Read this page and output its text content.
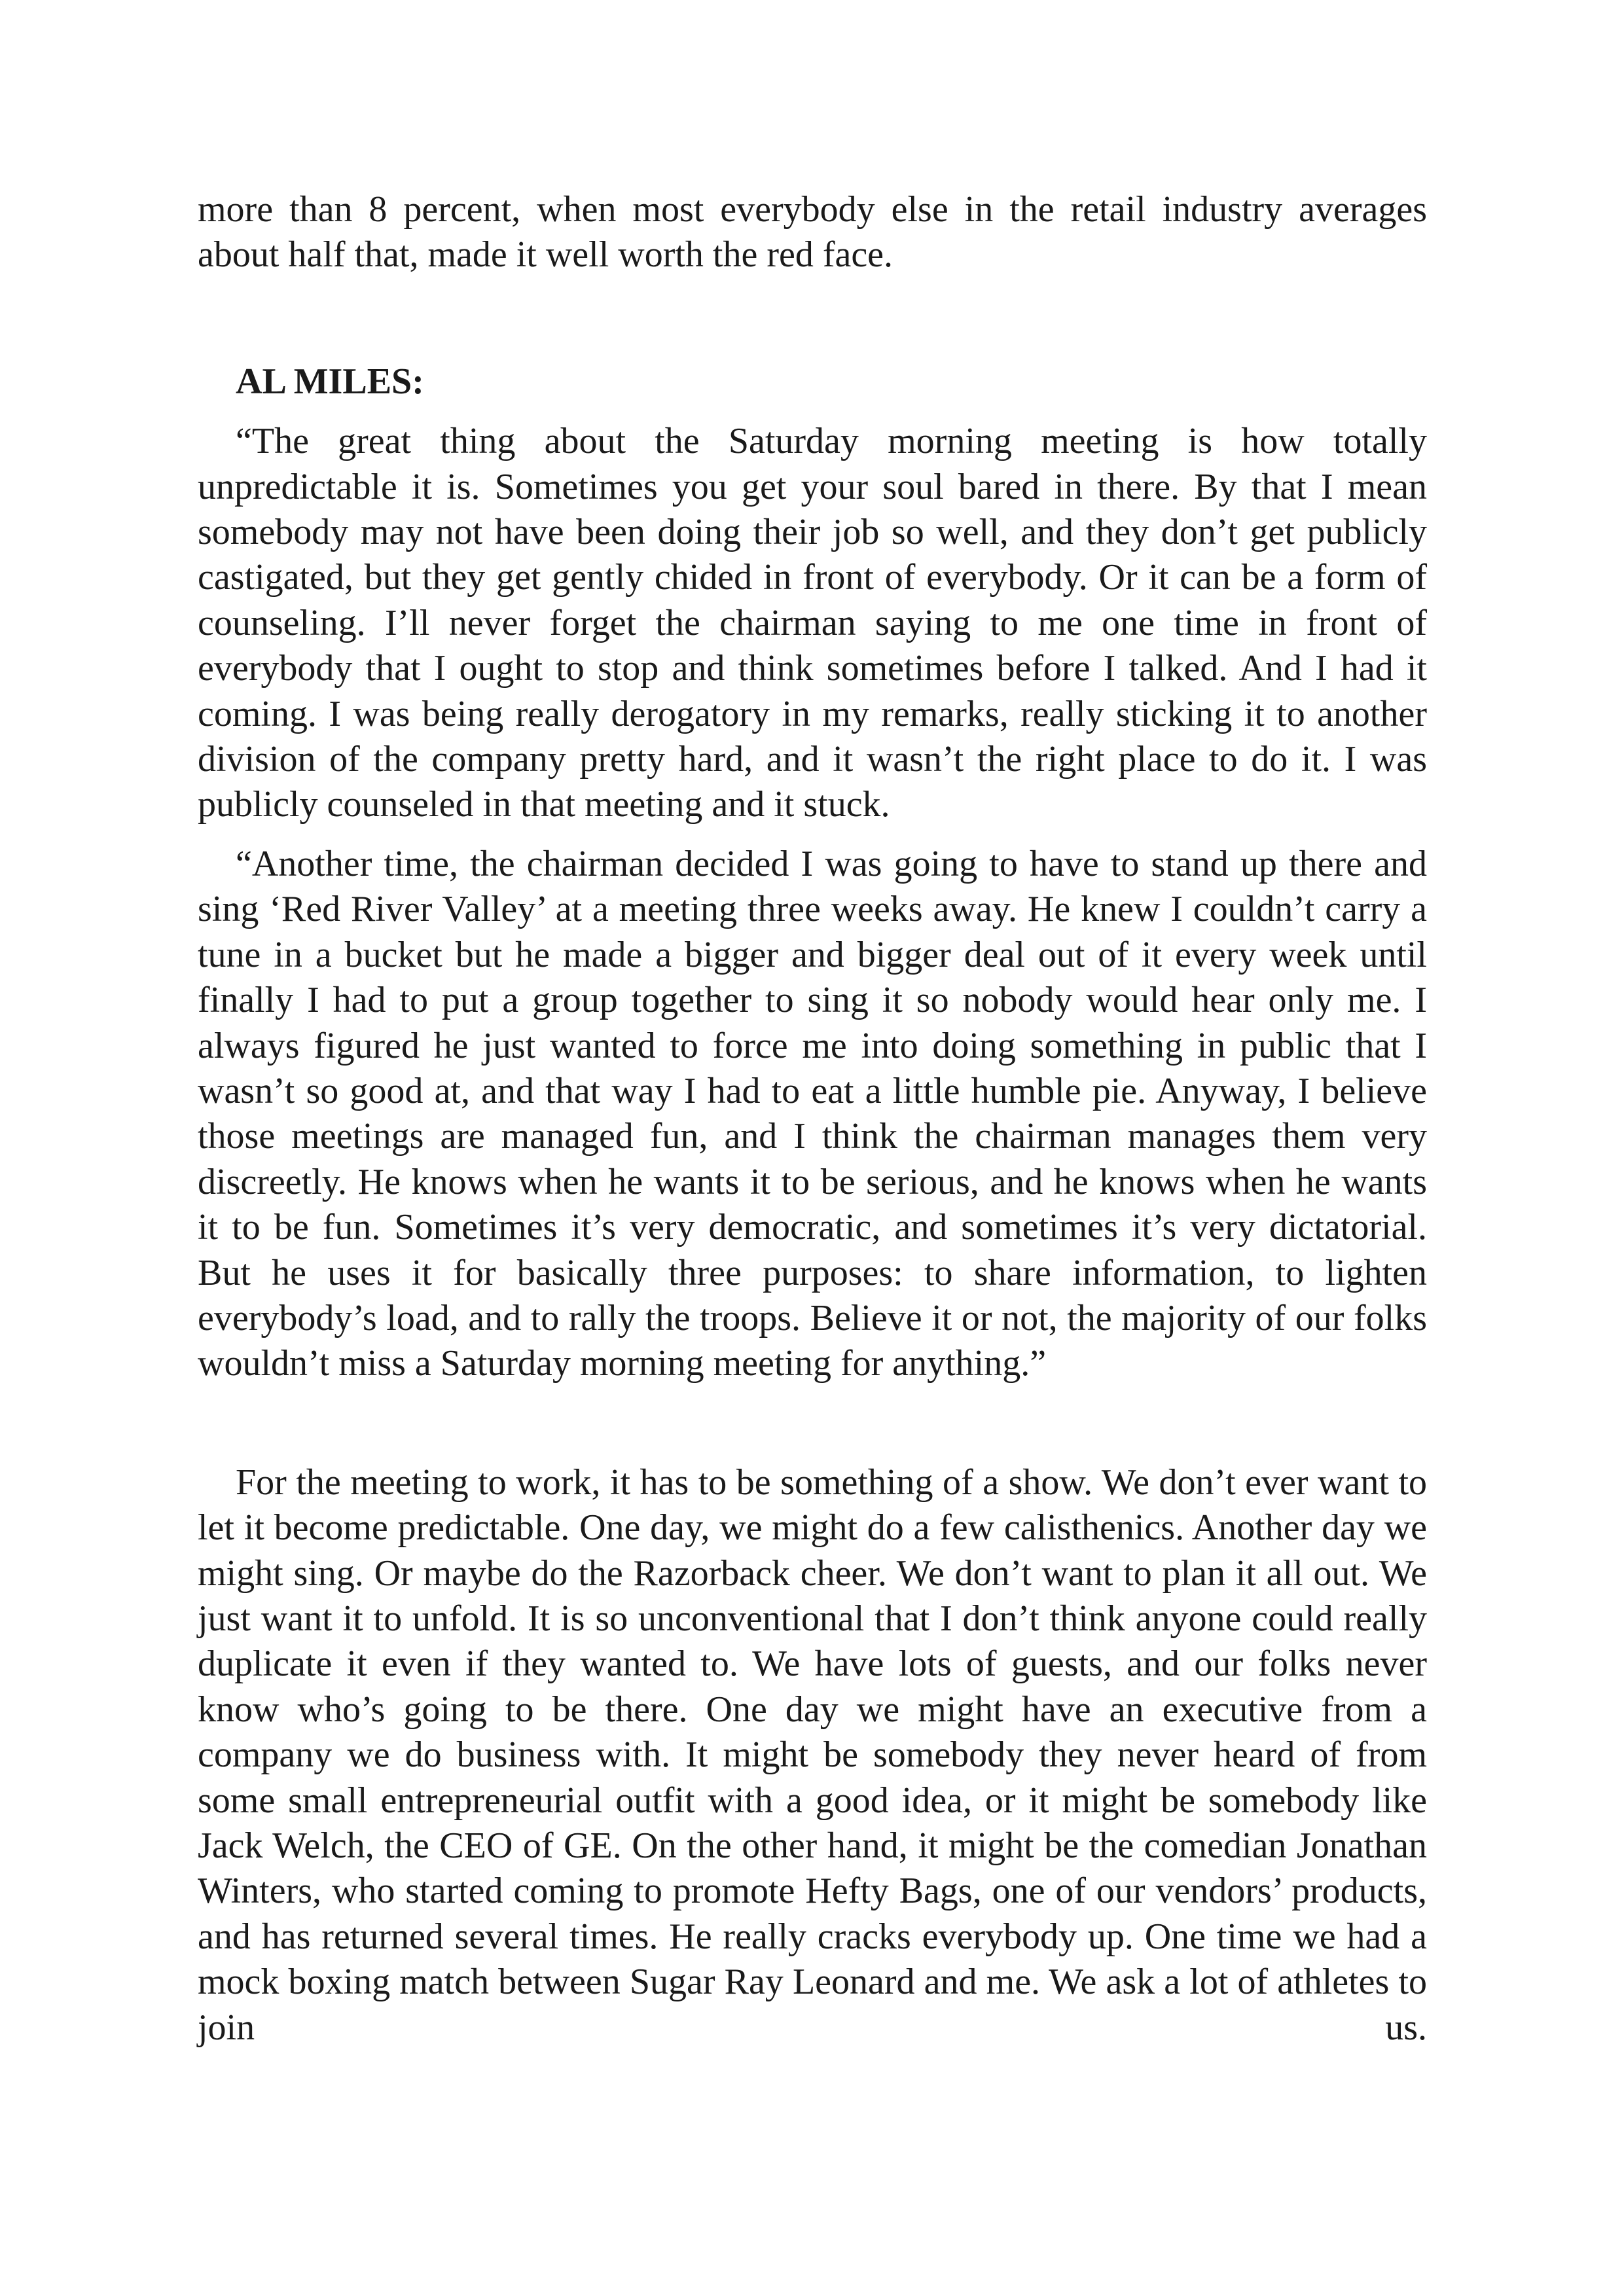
more than 8 percent, when most everybody else in the retail industry averages about half that, made it well worth the red face.

AL MILES:

“The great thing about the Saturday morning meeting is how totally unpredictable it is. Sometimes you get your soul bared in there. By that I mean somebody may not have been doing their job so well, and they don’t get publicly castigated, but they get gently chided in front of everybody. Or it can be a form of counseling. I’ll never forget the chairman saying to me one time in front of everybody that I ought to stop and think sometimes before I talked. And I had it coming. I was being really derogatory in my remarks, really sticking it to another division of the company pretty hard, and it wasn’t the right place to do it. I was publicly counseled in that meeting and it stuck.

“Another time, the chairman decided I was going to have to stand up there and sing ‘Red River Valley’ at a meeting three weeks away. He knew I couldn’t carry a tune in a bucket but he made a bigger and bigger deal out of it every week until finally I had to put a group together to sing it so nobody would hear only me. I always figured he just wanted to force me into doing something in public that I wasn’t so good at, and that way I had to eat a little humble pie. Anyway, I believe those meetings are managed fun, and I think the chairman manages them very discreetly. He knows when he wants it to be serious, and he knows when he wants it to be fun. Sometimes it’s very democratic, and sometimes it’s very dictatorial. But he uses it for basically three purposes: to share information, to lighten everybody’s load, and to rally the troops. Believe it or not, the majority of our folks wouldn’t miss a Saturday morning meeting for anything.”

For the meeting to work, it has to be something of a show. We don’t ever want to let it become predictable. One day, we might do a few calisthenics. Another day we might sing. Or maybe do the Razorback cheer. We don’t want to plan it all out. We just want it to unfold. It is so unconventional that I don’t think anyone could really duplicate it even if they wanted to. We have lots of guests, and our folks never know who’s going to be there. One day we might have an executive from a company we do business with. It might be somebody they never heard of from some small entrepreneurial outfit with a good idea, or it might be somebody like Jack Welch, the CEO of GE. On the other hand, it might be the comedian Jonathan Winters, who started coming to promote Hefty Bags, one of our vendors’ products, and has returned several times. He really cracks everybody up. One time we had a mock boxing match between Sugar Ray Leonard and me. We ask a lot of athletes to join us.
